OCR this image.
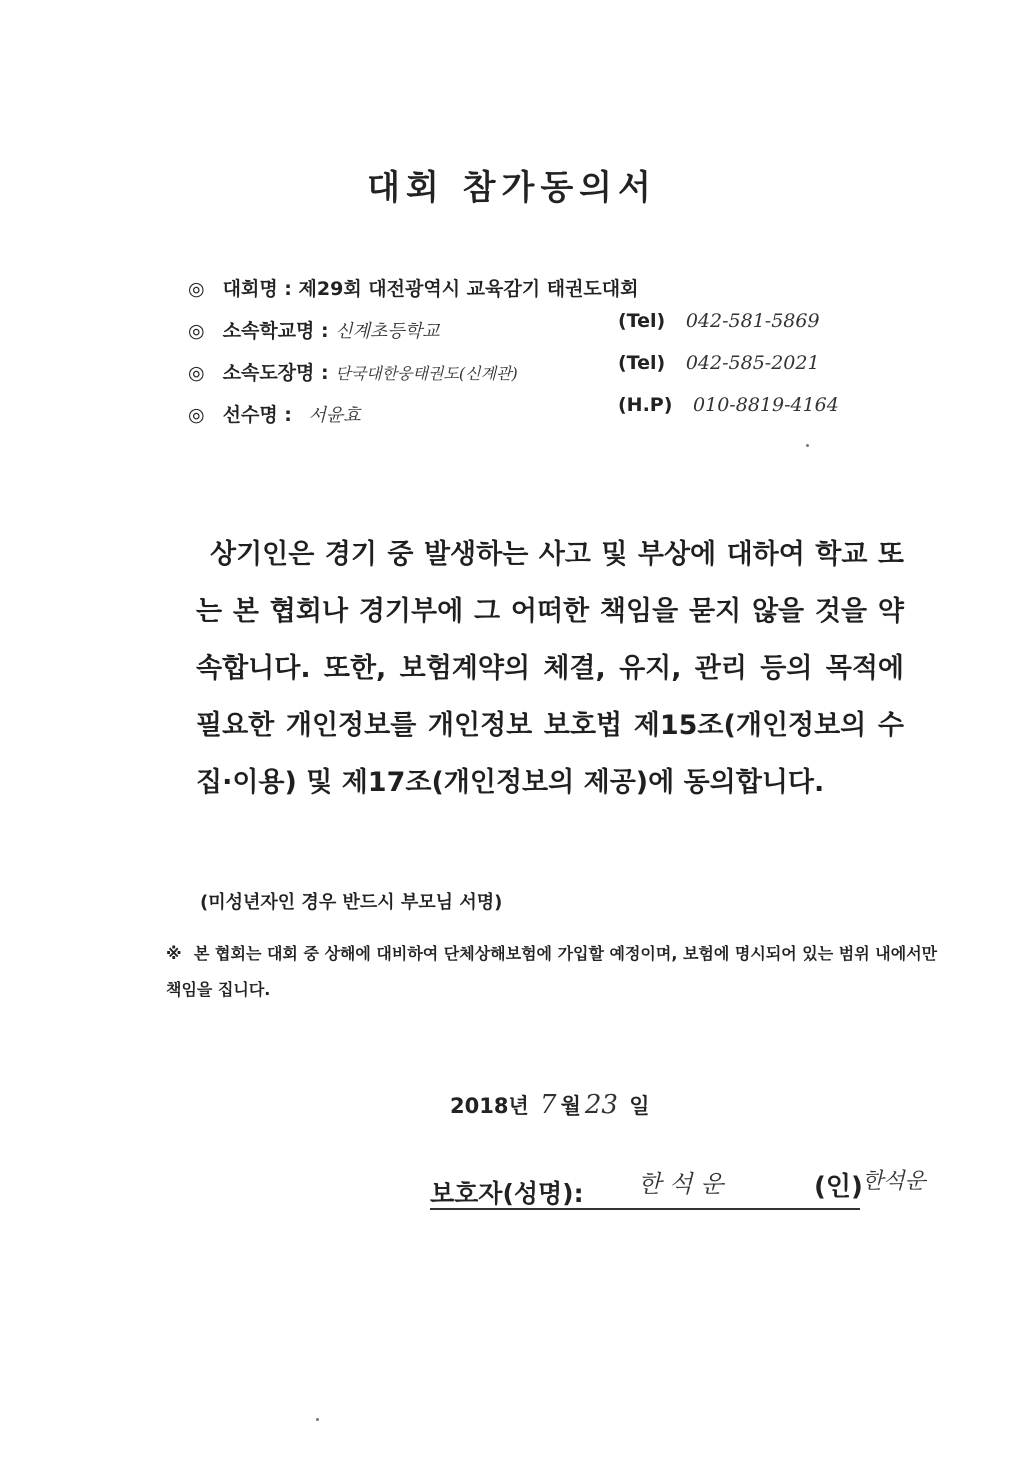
대회 참가동의서
◎ 대회명 : 제29회 대전광역시 교육감기 태권도대회
◎ 소속학교명 : 신계초등학교
◎ 소속도장명 : 단국대한웅태권도(신계관)
◎ 선수명 : 서윤효
(Tel) 042-581-5869
(Tel) 042-585-2021
(H.P) 010-8819-4164
상기인은 경기 중 발생하는 사고 및 부상에 대하여 학교 또는 본 협회나 경기부에 그 어떠한 책임을 묻지 않을 것을 약속합니다. 또한, 보험계약의 체결, 유지, 관리 등의 목적에 필요한 개인정보를 개인정보 보호법 제15조(개인정보의 수집·이용) 및 제17조(개인정보의 제공)에 동의합니다.
(미성년자인 경우 반드시 부모님 서명)
※ 본 협회는 대회 중 상해에 대비하여 단체상해보험에 가입할 예정이며, 보험에 명시되어 있는 범위 내에서만 책임을 집니다.
2018년 7 월 23 일
보호자(성명): 한석운	(인) 한석운
